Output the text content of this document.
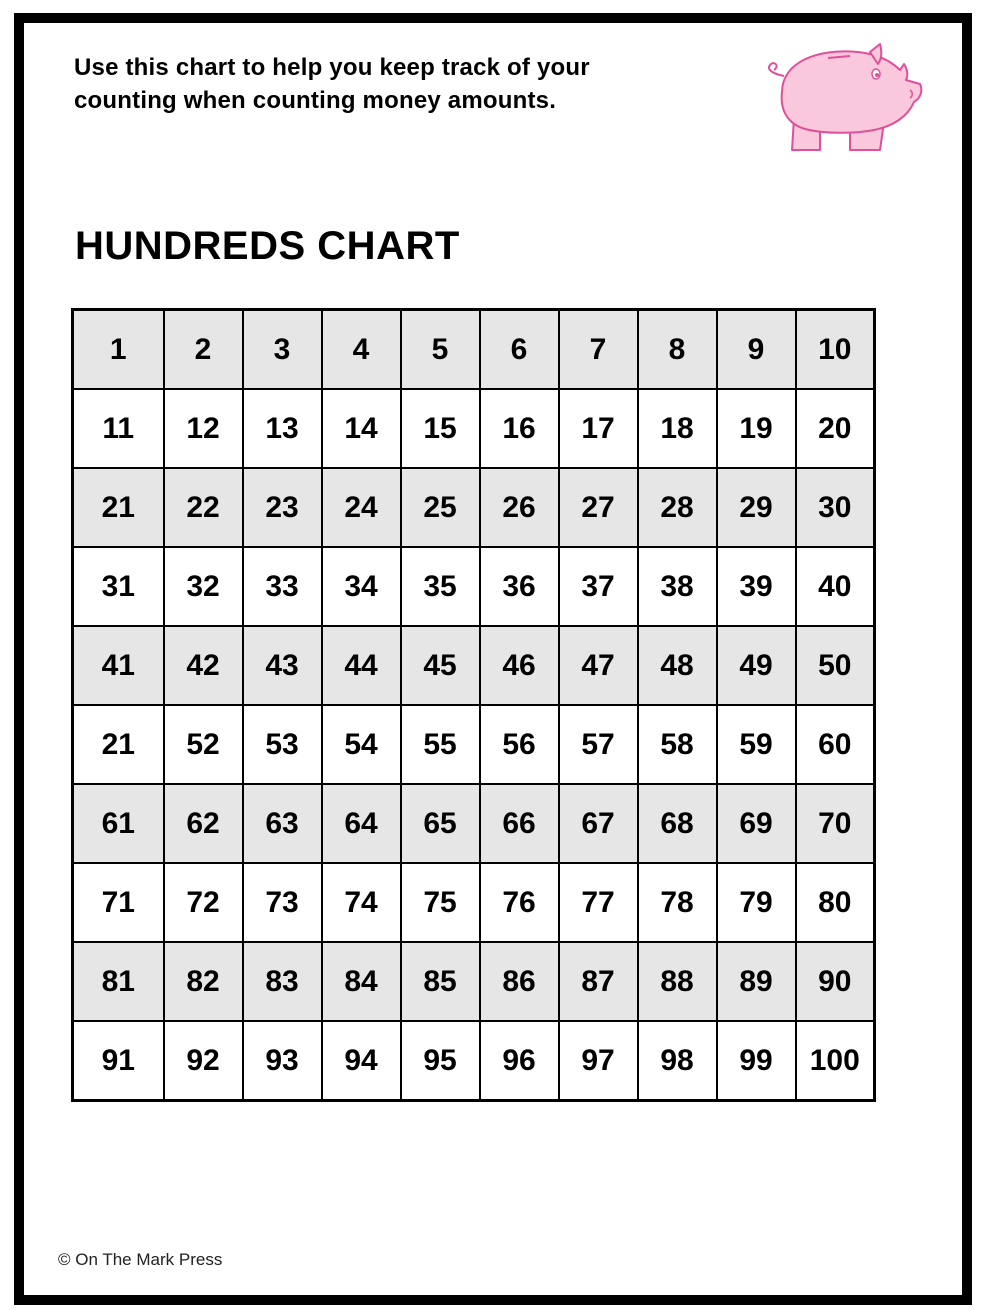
Use this chart to help you keep track of your
counting when counting money amounts.

HUNDREDS CHART
1	2	3	4	5	6	7	8	9	10
11	12	13	14	15	16	17	18	19	20
21	22	23	24	25	26	27	28	29	30
31	32	33	34	35	36	37	38	39	40
41	42	43	44	45	46	47	48	49	50
21	52	53	54	55	56	57	58	59	60
61	62	63	64	65	66	67	68	69	70
71	72	73	74	75	76	77	78	79	80
81	82	83	84	85	86	87	88	89	90
91	92	93	94	95	96	97	98	99	100

© On The Mark Press
